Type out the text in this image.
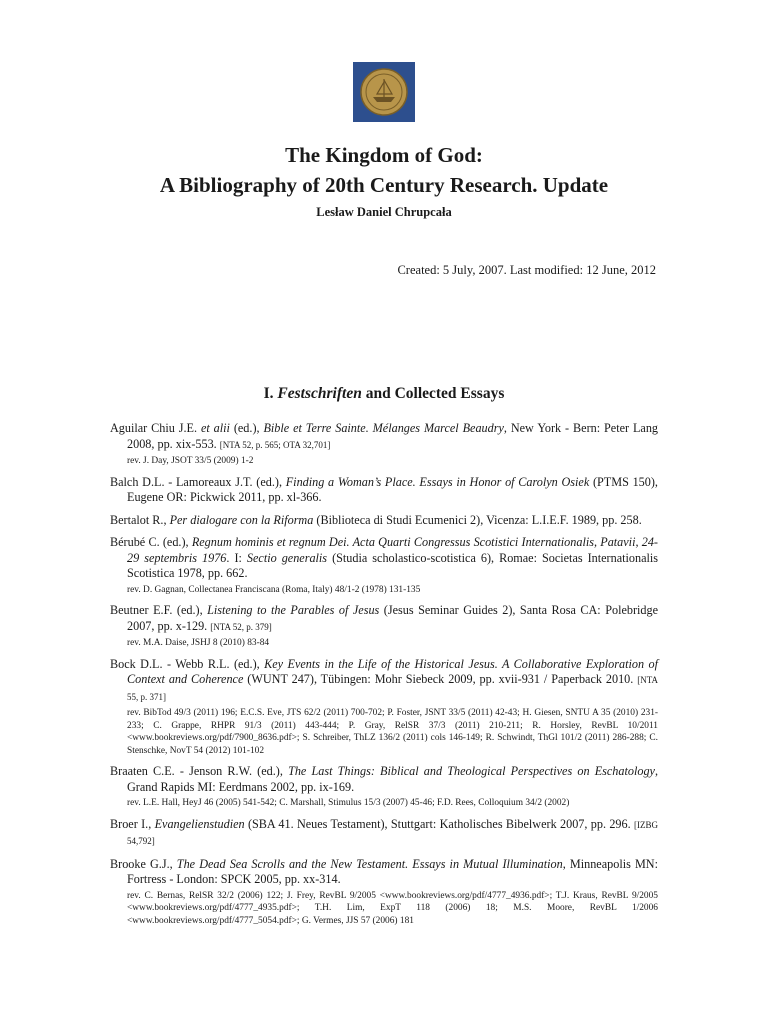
The Kingdom of God:
A Bibliography of 20th Century Research. Update
Lesław Daniel Chrupcała
Created: 5 July, 2007. Last modified: 12 June, 2012
I. Festschriften and Collected Essays
Aguilar Chiu J.E. et alii (ed.), Bible et Terre Sainte. Mélanges Marcel Beaudry, New York - Bern: Peter Lang 2008, pp. xix-553. [NTA 52, p. 565; OTA 32,701]
rev. J. Day, JSOT 33/5 (2009) 1-2
Balch D.L. - Lamoreaux J.T. (ed.), Finding a Woman’s Place. Essays in Honor of Carolyn Osiek (PTMS 150), Eugene OR: Pickwick 2011, pp. xl-366.
Bertalot R., Per dialogare con la Riforma (Biblioteca di Studi Ecumenici 2), Vicenza: L.I.E.F. 1989, pp. 258.
Bérubé C. (ed.), Regnum hominis et regnum Dei. Acta Quarti Congressus Scotistici Internationalis, Patavii, 24-29 septembris 1976. I: Sectio generalis (Studia scholastico-scotistica 6), Romae: Societas Internationalis Scotistica 1978, pp. 662.
rev. D. Gagnan, Collectanea Franciscana (Roma, Italy) 48/1-2 (1978) 131-135
Beutner E.F. (ed.), Listening to the Parables of Jesus (Jesus Seminar Guides 2), Santa Rosa CA: Polebridge 2007, pp. x-129. [NTA 52, p. 379]
rev. M.A. Daise, JSHJ 8 (2010) 83-84
Bock D.L. - Webb R.L. (ed.), Key Events in the Life of the Historical Jesus. A Collaborative Exploration of Context and Coherence (WUNT 247), Tübingen: Mohr Siebeck 2009, pp. xvii-931 / Paperback 2010. [NTA 55, p. 371]
rev. BibTod 49/3 (2011) 196; E.C.S. Eve, JTS 62/2 (2011) 700-702; P. Foster, JSNT 33/5 (2011) 42-43; H. Giesen, SNTU A 35 (2010) 231-233; C. Grappe, RHPR 91/3 (2011) 443-444; P. Gray, RelSR 37/3 (2011) 210-211; R. Horsley, RevBL 10/2011 <www.bookreviews.org/pdf/7900_8636.pdf>; S. Schreiber, ThLZ 136/2 (2011) cols 146-149; R. Schwindt, ThGl 101/2 (2011) 286-288; C. Stenschke, NovT 54 (2012) 101-102
Braaten C.E. - Jenson R.W. (ed.), The Last Things: Biblical and Theological Perspectives on Eschatology, Grand Rapids MI: Eerdmans 2002, pp. ix-169.
rev. L.E. Hall, HeyJ 46 (2005) 541-542; C. Marshall, Stimulus 15/3 (2007) 45-46; F.D. Rees, Colloquium 34/2 (2002)
Broer I., Evangelienstudien (SBA 41. Neues Testament), Stuttgart: Katholisches Bibelwerk 2007, pp. 296. [IZBG 54,792]
Brooke G.J., The Dead Sea Scrolls and the New Testament. Essays in Mutual Illumination, Minneapolis MN: Fortress - London: SPCK 2005, pp. xx-314.
rev. C. Bernas, RelSR 32/2 (2006) 122; J. Frey, RevBL 9/2005 <www.bookreviews.org/pdf/4777_4936.pdf>; T.J. Kraus, RevBL 9/2005 <www.bookreviews.org/pdf/4777_4935.pdf>; T.H. Lim, ExpT 118 (2006) 18; M.S. Moore, RevBL 1/2006 <www.bookreviews.org/pdf/4777_5054.pdf>; G. Vermes, JJS 57 (2006) 181
